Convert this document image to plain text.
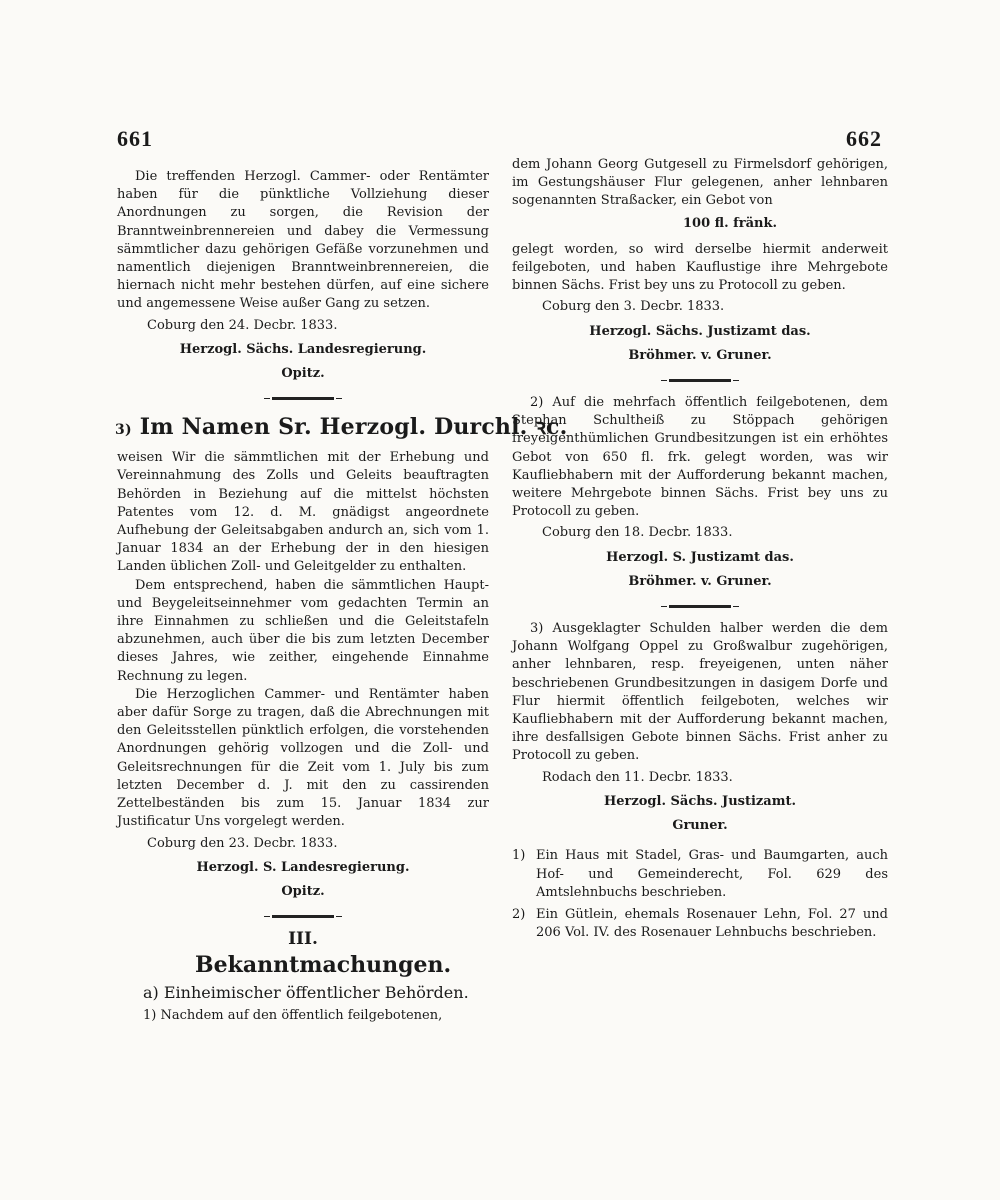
661	662

Die treffenden Herzogl. Cammer- oder Rentämter haben für die pünktliche Vollziehung dieser Anordnungen zu sorgen, die Revision der Branntweinbrennereien und dabey die Vermessung sämmtlicher dazu gehörigen Gefäße vorzunehmen und namentlich diejenigen Branntweinbrennereien, die hiernach nicht mehr bestehen dürfen, auf eine sichere und angemessene Weise außer Gang zu setzen.

Coburg den 24. Decbr. 1833.
Herzogl. Sächs. Landesregierung.
Opitz.
3) Im Namen Sr. Herzogl. Durchl. ꝛc.

weisen Wir die sämmtlichen mit der Erhebung und Vereinnahmung des Zolls und Geleits beauftragten Behörden in Beziehung auf die mittelst höchsten Patentes vom 12. d. M. gnädigst angeordnete Aufhebung der Geleitsabgaben andurch an, sich vom 1. Januar 1834 an der Erhebung der in den hiesigen Landen üblichen Zoll- und Geleitgelder zu enthalten.

Dem entsprechend, haben die sämmtlichen Haupt- und Beygeleitseinnehmer vom gedachten Termin an ihre Einnahmen zu schließen und die Geleitstafeln abzunehmen, auch über die bis zum letzten December dieses Jahres, wie zeither, eingehende Einnahme Rechnung zu legen.

Die Herzoglichen Cammer- und Rentämter haben aber dafür Sorge zu tragen, daß die Abrechnungen mit den Geleitsstellen pünktlich erfolgen, die vorstehenden Anordnungen gehörig vollzogen und die Zoll- und Geleitsrechnungen für die Zeit vom 1. July bis zum letzten December d. J. mit den zu cassirenden Zettelbeständen bis zum 15. Januar 1834 zur Justificatur Uns vorgelegt werden.

Coburg den 23. Decbr. 1833.
Herzogl. S. Landesregierung.
Opitz.
III.
Bekanntmachungen.
a) Einheimischer öffentlicher Behörden.
1) Nachdem auf den öffentlich feilgebotenen,

dem Johann Georg Gutgesell zu Firmelsdorf gehörigen, im Gestungshäuser Flur gelegenen, anher lehnbaren sogenannten Straßacker, ein Gebot von

100 fl. fränk.

gelegt worden, so wird derselbe hiermit anderweit feilgeboten, und haben Kauflustige ihre Mehrgebote binnen Sächs. Frist bey uns zu Protocoll zu geben.

Coburg den 3. Decbr. 1833.
Herzogl. Sächs. Justizamt das.
Bröhmer. v. Gruner.

2) Auf die mehrfach öffentlich feilgebotenen, dem Stephan Schultheiß zu Stöppach gehörigen freyeigenthümlichen Grundbesitzungen ist ein erhöhtes Gebot von 650 fl. frk. gelegt worden, was wir Kaufliebhabern mit der Aufforderung bekannt machen, weitere Mehrgebote binnen Sächs. Frist bey uns zu Protocoll zu geben.

Coburg den 18. Decbr. 1833.
Herzogl. S. Justizamt das.
Bröhmer. v. Gruner.

3) Ausgeklagter Schulden halber werden die dem Johann Wolfgang Oppel zu Großwalbur zugehörigen, anher lehnbaren, resp. freyeigenen, unten näher beschriebenen Grundbesitzungen in dasigem Dorfe und Flur hiermit öffentlich feilgeboten, welches wir Kaufliebhabern mit der Aufforderung bekannt machen, ihre desfallsigen Gebote binnen Sächs. Frist anher zu Protocoll zu geben.

Rodach den 11. Decbr. 1833.
Herzogl. Sächs. Justizamt.
Gruner.
1) Ein Haus mit Stadel, Gras- und Baumgarten, auch Hof- und Gemeinderecht, Fol. 629 des Amtslehnbuchs beschrieben.
2) Ein Gütlein, ehemals Rosenauer Lehn, Fol. 27 und 206 Vol. IV. des Rosenauer Lehnbuchs beschrieben.
